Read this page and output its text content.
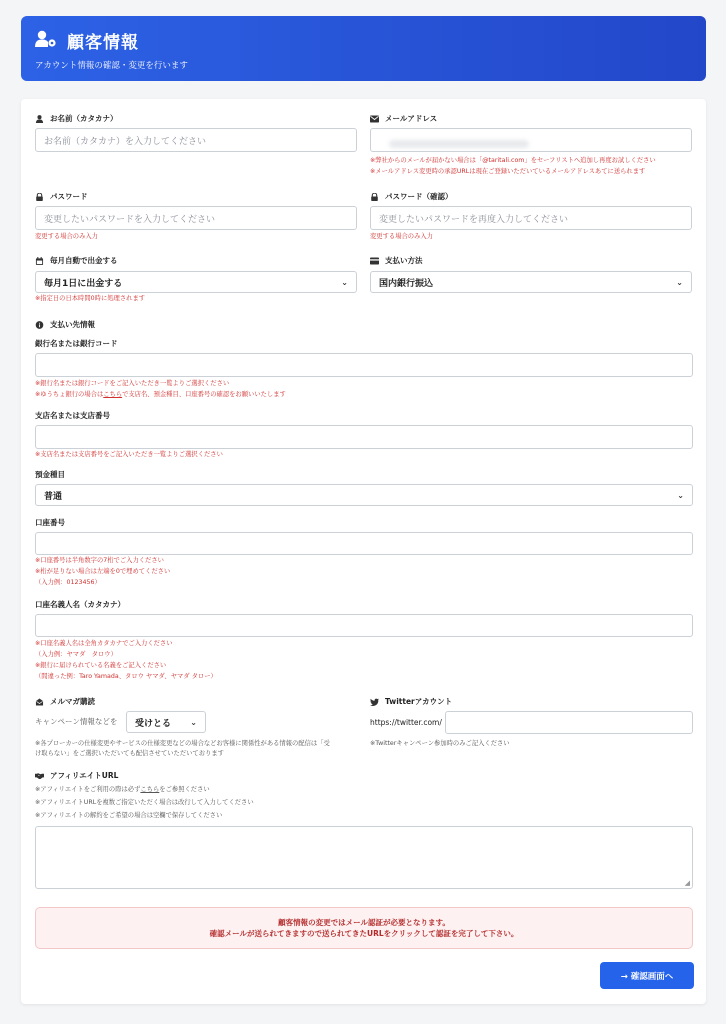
顧客情報
アカウント情報の確認・変更を行います
お名前（カタカナ）
お名前（カタカナ）を入力してください
メールアドレス
※弊社からのメールが届かない場合は「@taritali.com」をセーフリストへ追加し再度お試しください
※メールアドレス変更時の承認URLは現在ご登録いただいているメールアドレスあてに送られます
パスワード
変更したいパスワードを入力してください
変更する場合のみ入力
パスワード（確認）
変更したいパスワードを再度入力してください
変更する場合のみ入力
毎月自動で出金する
毎月1日に出金する	⌄
※指定日の日本時間0時に処理されます
支払い方法
国内銀行振込	⌄
支払い先情報
銀行名または銀行コード
※銀行名または銀行コードをご記入いただき一覧よりご選択ください
※ゆうちょ銀行の場合はこちらで支店名、預金種目、口座番号の確認をお願いいたします
支店名または支店番号
※支店名または支店番号をご記入いただき一覧よりご選択ください
預金種目
普通	⌄
口座番号
※口座番号は半角数字の7桁でご入力ください
※桁が足りない場合は左端を0で埋めてください
（入力例：0123456）
口座名義人名（カタカナ）
※口座名義人名は全角カタカナでご入力ください
（入力例：ヤマダ　タロウ）
※銀行に届けられている名義をご記入ください
（間違った例：Taro Yamada、タロウ ヤマダ、ヤマダ タロー）
メルマガ購読
キャンペーン情報などを 受けとる ⌄
※各プローカーの仕様変更やサービスの仕様変更などの場合などお客様に関係性がある情報の配信は「受
け取らない」をご選択いただいても配信させていただいております
Twitterアカウント
https://twitter.com/
※Twitterキャンペーン参加時のみご記入ください
アフィリエイトURL
※アフィリエイトをご利用の際は必ずこちらをご参照ください
※アフィリエイトURLを複数ご指定いただく場合は改行して入力してください
※アフィリエイトの解約をご希望の場合は空欄で保存してください
◢
顧客情報の変更ではメール認証が必要となります。
確認メールが送られてきますので送られてきたURLをクリックして認証を完了して下さい。
→ 確認画面へ
